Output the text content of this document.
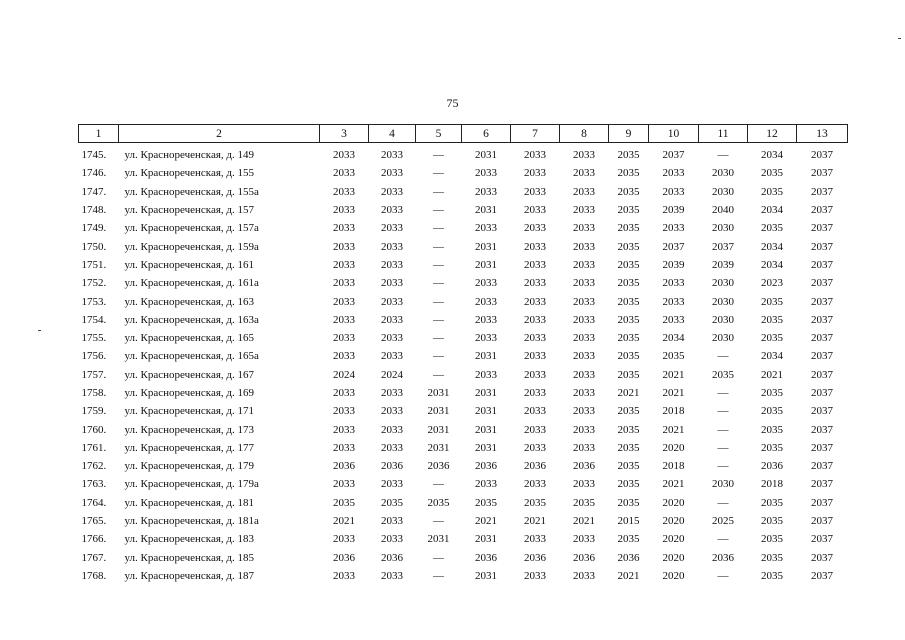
75
1	2	3	4	5	6	7	8	9	10	11	12	13
1745.	ул. Краснореченская, д. 149	2033	2033	—	2031	2033	2033	2035	2037	—	2034	2037
1746.	ул. Краснореченская, д. 155	2033	2033	—	2033	2033	2033	2035	2033	2030	2035	2037
1747.	ул. Краснореченская, д. 155а	2033	2033	—	2033	2033	2033	2035	2033	2030	2035	2037
1748.	ул. Краснореченская, д. 157	2033	2033	—	2031	2033	2033	2035	2039	2040	2034	2037
1749.	ул. Краснореченская, д. 157а	2033	2033	—	2033	2033	2033	2035	2033	2030	2035	2037
1750.	ул. Краснореченская, д. 159а	2033	2033	—	2031	2033	2033	2035	2037	2037	2034	2037
1751.	ул. Краснореченская, д. 161	2033	2033	—	2031	2033	2033	2035	2039	2039	2034	2037
1752.	ул. Краснореченская, д. 161а	2033	2033	—	2033	2033	2033	2035	2033	2030	2023	2037
1753.	ул. Краснореченская, д. 163	2033	2033	—	2033	2033	2033	2035	2033	2030	2035	2037
1754.	ул. Краснореченская, д. 163а	2033	2033	—	2033	2033	2033	2035	2033	2030	2035	2037
1755.	ул. Краснореченская, д. 165	2033	2033	—	2033	2033	2033	2035	2034	2030	2035	2037
1756.	ул. Краснореченская, д. 165а	2033	2033	—	2031	2033	2033	2035	2035	—	2034	2037
1757.	ул. Краснореченская, д. 167	2024	2024	—	2033	2033	2033	2035	2021	2035	2021	2037
1758.	ул. Краснореченская, д. 169	2033	2033	2031	2031	2033	2033	2021	2021	—	2035	2037
1759.	ул. Краснореченская, д. 171	2033	2033	2031	2031	2033	2033	2035	2018	—	2035	2037
1760.	ул. Краснореченская, д. 173	2033	2033	2031	2031	2033	2033	2035	2021	—	2035	2037
1761.	ул. Краснореченская, д. 177	2033	2033	2031	2031	2033	2033	2035	2020	—	2035	2037
1762.	ул. Краснореченская, д. 179	2036	2036	2036	2036	2036	2036	2035	2018	—	2036	2037
1763.	ул. Краснореченская, д. 179а	2033	2033	—	2033	2033	2033	2035	2021	2030	2018	2037
1764.	ул. Краснореченская, д. 181	2035	2035	2035	2035	2035	2035	2035	2020	—	2035	2037
1765.	ул. Краснореченская, д. 181а	2021	2033	—	2021	2021	2021	2015	2020	2025	2035	2037
1766.	ул. Краснореченская, д. 183	2033	2033	2031	2031	2033	2033	2035	2020	—	2035	2037
1767.	ул. Краснореченская, д. 185	2036	2036	—	2036	2036	2036	2036	2020	2036	2035	2037
1768.	ул. Краснореченская, д. 187	2033	2033	—	2031	2033	2033	2021	2020	—	2035	2037
